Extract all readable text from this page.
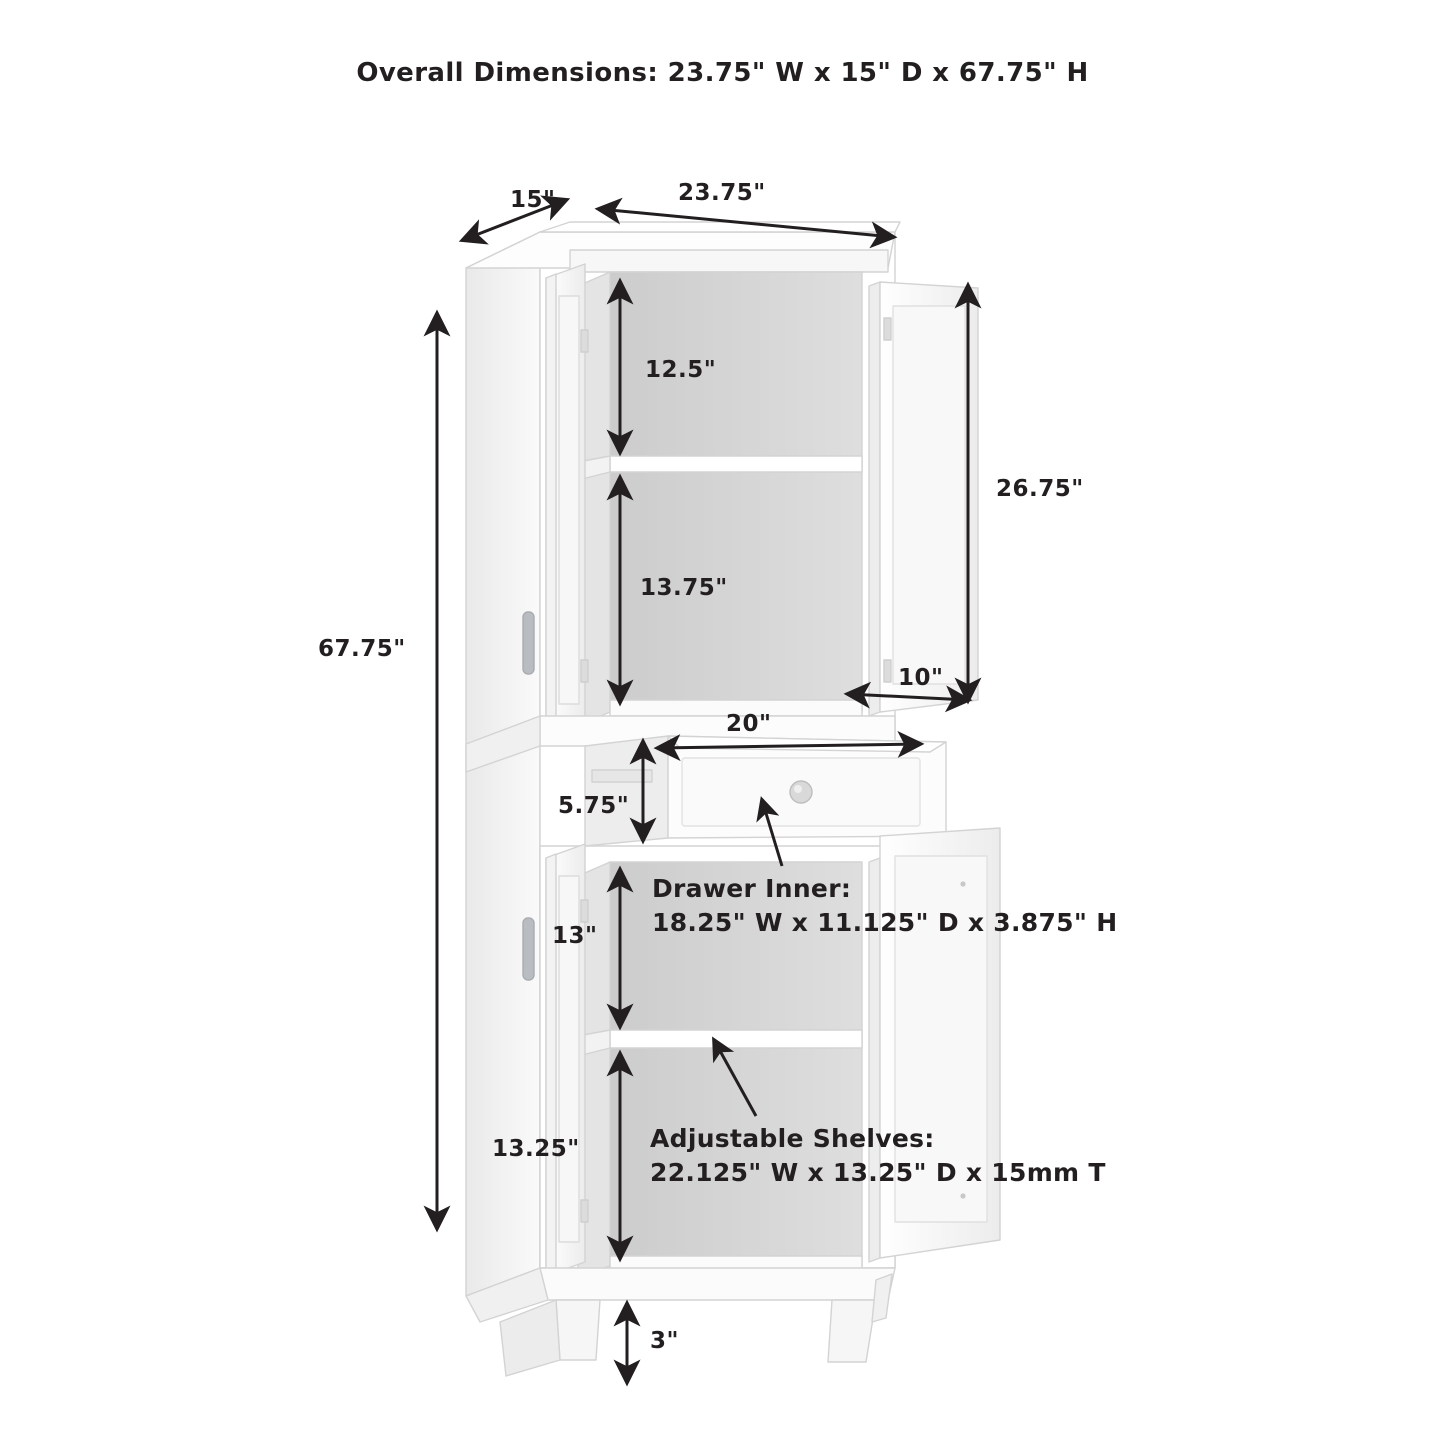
Overall Dimensions: 23.75" W x 15" D x 67.75" H
15"	23.75"
12.5"
13.75"
26.75"
10"
20"
5.75"
13"
13.25"
67.75"
3"
Drawer Inner:
18.25" W x 11.125" D x 3.875" H
Adjustable Shelves:
22.125" W x 13.25" D x 15mm T
